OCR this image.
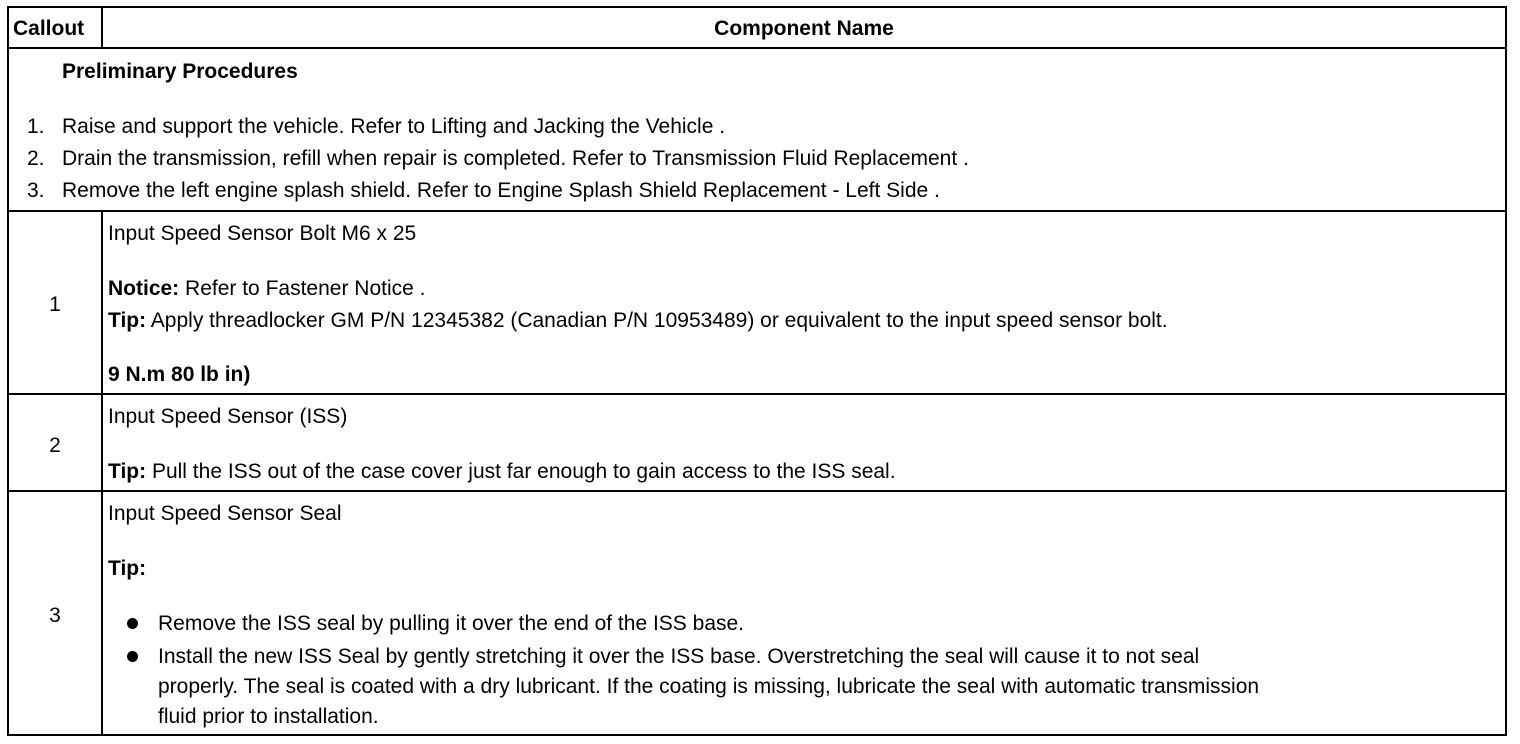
Callout	Component Name
Preliminary Procedures
1. Raise and support the vehicle. Refer to Lifting and Jacking the Vehicle .
2. Drain the transmission, refill when repair is completed. Refer to Transmission Fluid Replacement .
3. Remove the left engine splash shield. Refer to Engine Splash Shield Replacement - Left Side .
1
Input Speed Sensor Bolt M6 x 25
Notice: Refer to Fastener Notice .
Tip: Apply threadlocker GM P/N 12345382 (Canadian P/N 10953489) or equivalent to the input speed sensor bolt.
9 N.m 80 lb in)
2
Input Speed Sensor (ISS)
Tip: Pull the ISS out of the case cover just far enough to gain access to the ISS seal.
3
Input Speed Sensor Seal
Tip:
Remove the ISS seal by pulling it over the end of the ISS base.
Install the new ISS Seal by gently stretching it over the ISS base. Overstretching the seal will cause it to not seal
properly. The seal is coated with a dry lubricant. If the coating is missing, lubricate the seal with automatic transmission
fluid prior to installation.
